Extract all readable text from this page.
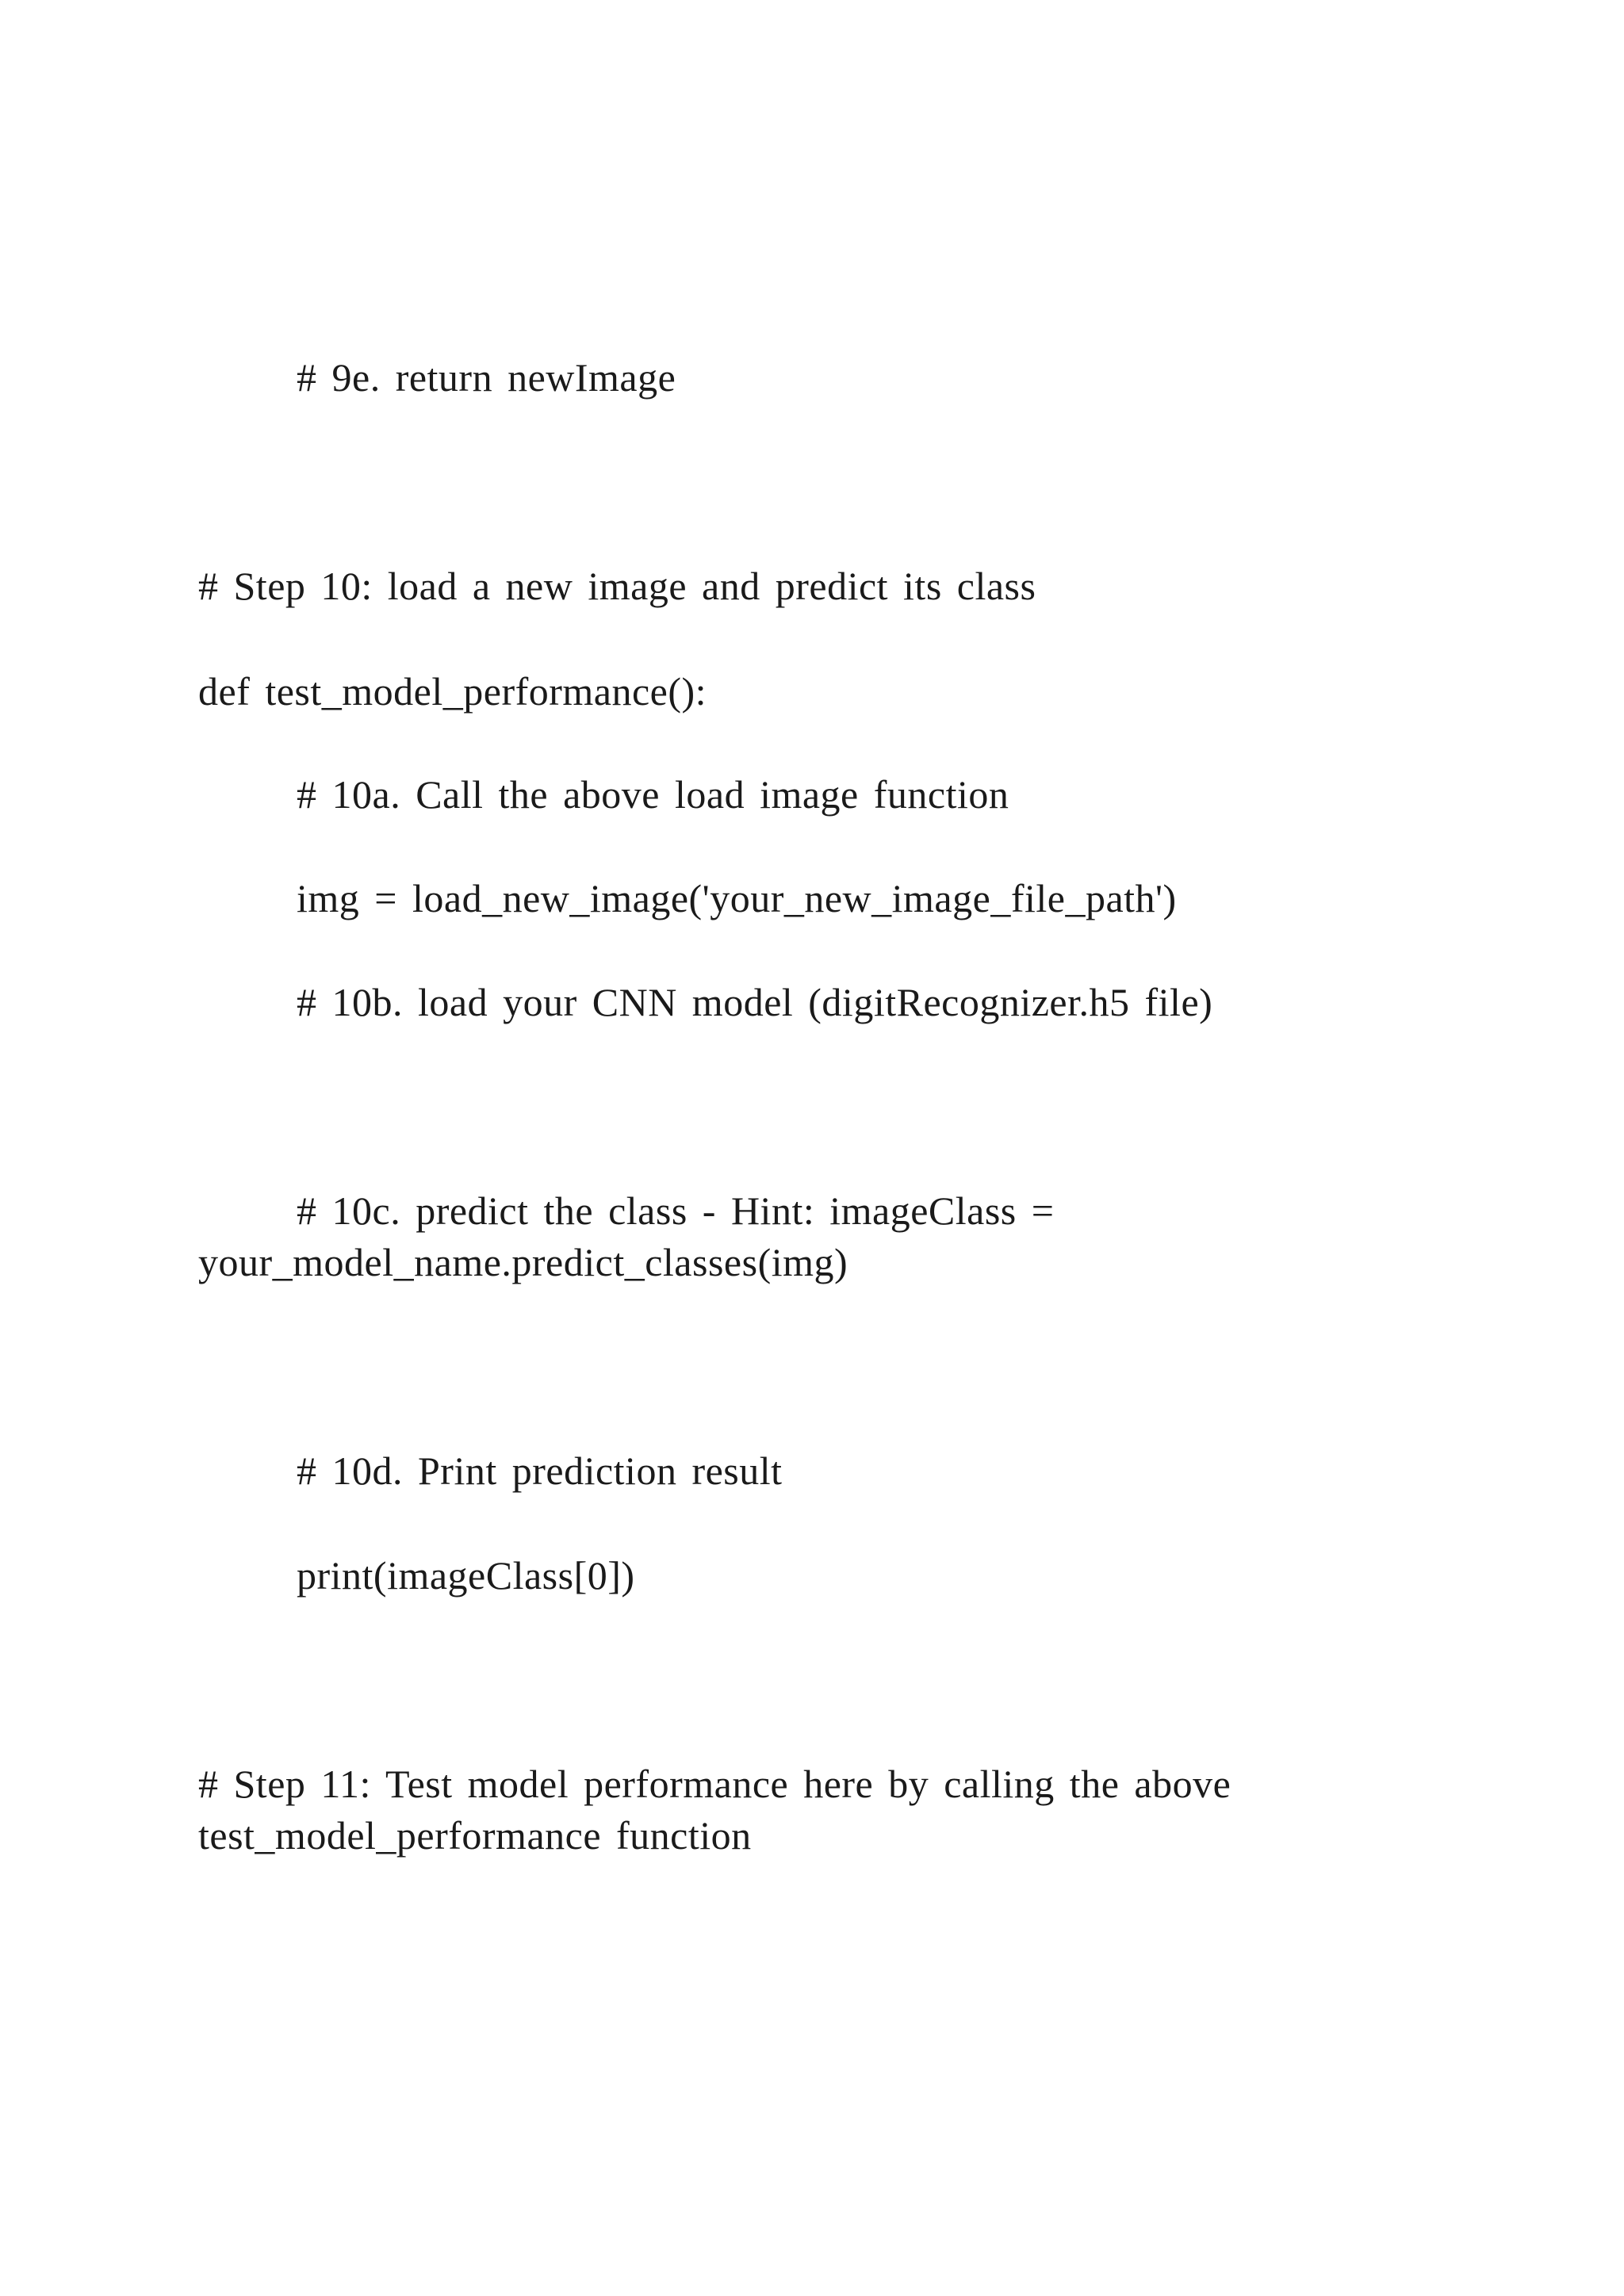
# 9e. return newImage
# Step 10: load a new image and predict its class
def test_model_performance():
# 10a. Call the above load image function
img = load_new_image('your_new_image_file_path')
# 10b. load your CNN model (digitRecognizer.h5 file)
# 10c. predict the class - Hint: imageClass =
your_model_name.predict_classes(img)
# 10d. Print prediction result
print(imageClass[0])
# Step 11: Test model performance here by calling the above
test_model_performance function
